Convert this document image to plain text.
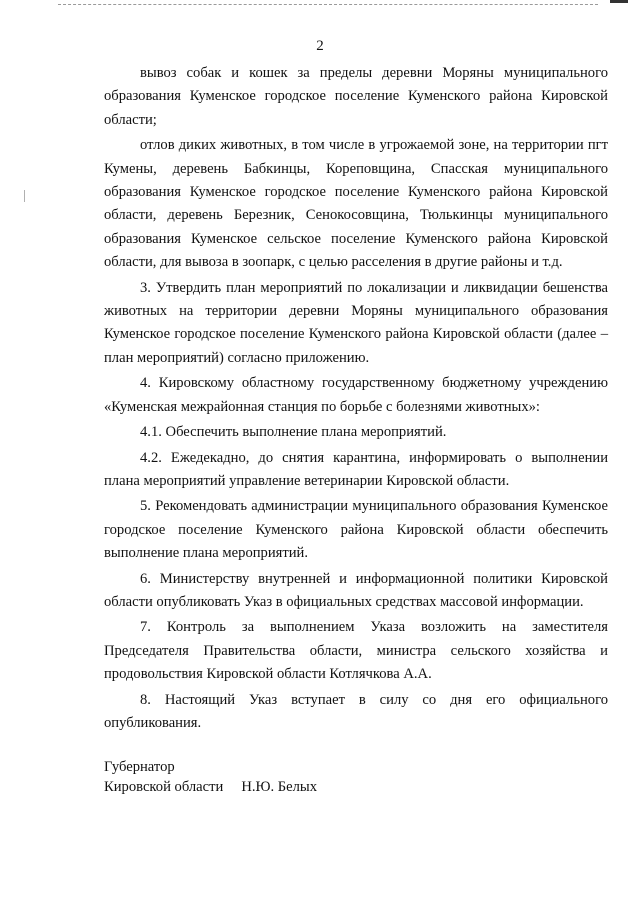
2

вывоз собак и кошек за пределы деревни Моряны муниципального образования Куменское городское поселение Куменского района Кировской области;

отлов диких животных, в том числе в угрожаемой зоне, на территории пгт Кумены, деревень Бабкинцы, Кореповщина, Спасская муниципального образования Куменское городское поселение Куменского района Кировской области, деревень Березник, Сенокосовщина, Тюлькинцы муниципального образования Куменское сельское поселение Куменского района Кировской области, для вывоза в зоопарк, с целью расселения в другие районы и т.д.

3. Утвердить план мероприятий по локализации и ликвидации бешенства животных на территории деревни Моряны муниципального образования Куменское городское поселение Куменского района Кировской области (далее – план мероприятий) согласно приложению.

4. Кировскому областному государственному бюджетному учреждению «Куменская межрайонная станция по борьбе с болезнями животных»:

4.1. Обеспечить выполнение плана мероприятий.

4.2. Ежедекадно, до снятия карантина, информировать о выполнении плана мероприятий управление ветеринарии Кировской области.

5. Рекомендовать администрации муниципального образования Куменское городское поселение Куменского района Кировской области обеспечить выполнение плана мероприятий.

6. Министерству внутренней и информационной политики Кировской области опубликовать Указ в официальных средствах массовой информации.

7. Контроль за выполнением Указа возложить на заместителя Председателя Правительства области, министра сельского хозяйства и продовольствия Кировской области Котлячкова А.А.

8. Настоящий Указ вступает в силу со дня его официального опубликования.

Губернатор
Кировской области Н.Ю. Белых
